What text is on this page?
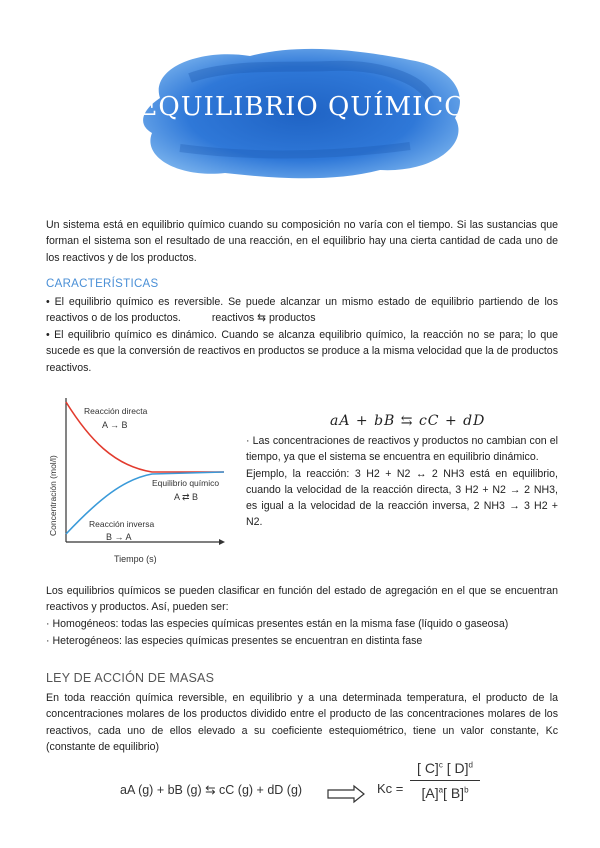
EQUILIBRIO QUÍMICO

Un sistema está en equilibrio químico cuando su composición no varía con el tiempo. Si las sustancias que forman el sistema son el resultado de una reacción, en el equilibrio hay una cierta cantidad de cada uno de los reactivos y de los productos.

CARACTERÍSTICAS

• El equilibrio químico es reversible. Se puede alcanzar un mismo estado de equilibrio partiendo de los reactivos o de los productos.	reactivos ⇆ productos

• El equilibrio químico es dinámico. Cuando se alcanza equilibrio químico, la reacción no se para; lo que sucede es que la conversión de reactivos en productos se produce a la misma velocidad que la de productos reactivos.

Reacción directa
A → B
Equilibrio químico
A ⇄ B
Reacción inversa
B → A
Tiempo (s)
Concentración (mol/l)
aA + bB ⇆ cC + dD
· Las concentraciones de reactivos y productos no cambian con el tiempo, ya que el sistema se encuentra en equilibrio dinámico.
Ejemplo, la reacción: 3 H2 + N2 ↔ 2 NH3 está en equilibrio, cuando la velocidad de la reacción directa, 3 H2 + N2 → 2 NH3, es igual a la velocidad de la reacción inversa, 2 NH3 → 3 H2 + N2.

Los equilibrios químicos se pueden clasificar en función del estado de agregación en el que se encuentran reactivos y productos. Así, pueden ser:

· Homogéneos: todas las especies químicas presentes están en la misma fase (líquido o gaseosa)

· Heterogéneos: las especies químicas presentes se encuentran en distinta fase

LEY DE ACCIÓN DE MASAS

En toda reacción química reversible, en equilibrio y a una determinada temperatura, el producto de la concentraciones molares de los productos dividido entre el producto de las concentraciones molares de los reactivos, cada uno de ellos elevado a su coeficiente estequiométrico, tiene un valor constante, Kc (constante de equilibrio)

aA (g) + bB (g) ⇆ cC (g) + dD (g)	$Kc = \frac{[ C]^c [ D]^d}{[A]^a[ B]^b}$
